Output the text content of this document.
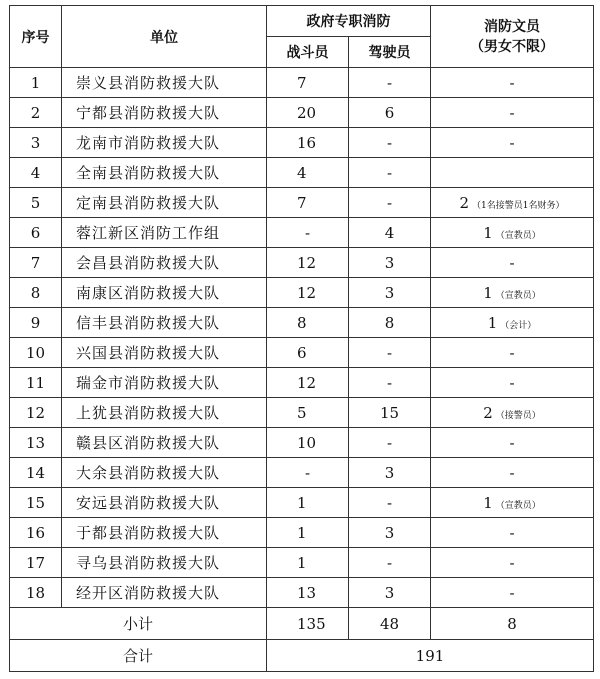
序号	单位	政府专职消防		消防文员
（男女不限）

		战斗员	驾驶员	
1	崇义县消防救援大队	7	-	-
2	宁都县消防救援大队	20	6	-
3	龙南市消防救援大队	16	-	-
4	全南县消防救援大队	4	-	
5	定南县消防救援大队	7	-	2 （1名接警员1名财务）
6	蓉江新区消防工作组	-	4	1 （宣教员）
7	会昌县消防救援大队	12	3	-
8	南康区消防救援大队	12	3	1 （宣教员）
9	信丰县消防救援大队	8	8	1 （会计）
10	兴国县消防救援大队	6	-	-
11	瑞金市消防救援大队	12	-	-
12	上犹县消防救援大队	5	15	2 （接警员）
13	赣县区消防救援大队	10	-	-
14	大余县消防救援大队	-	3	-
15	安远县消防救援大队	1	-	1 （宣教员）
16	于都县消防救援大队	1	3	-
17	寻乌县消防救援大队	1	-	-
18	经开区消防救援大队	13	3	-
小计		135	48	8
合计		191		
